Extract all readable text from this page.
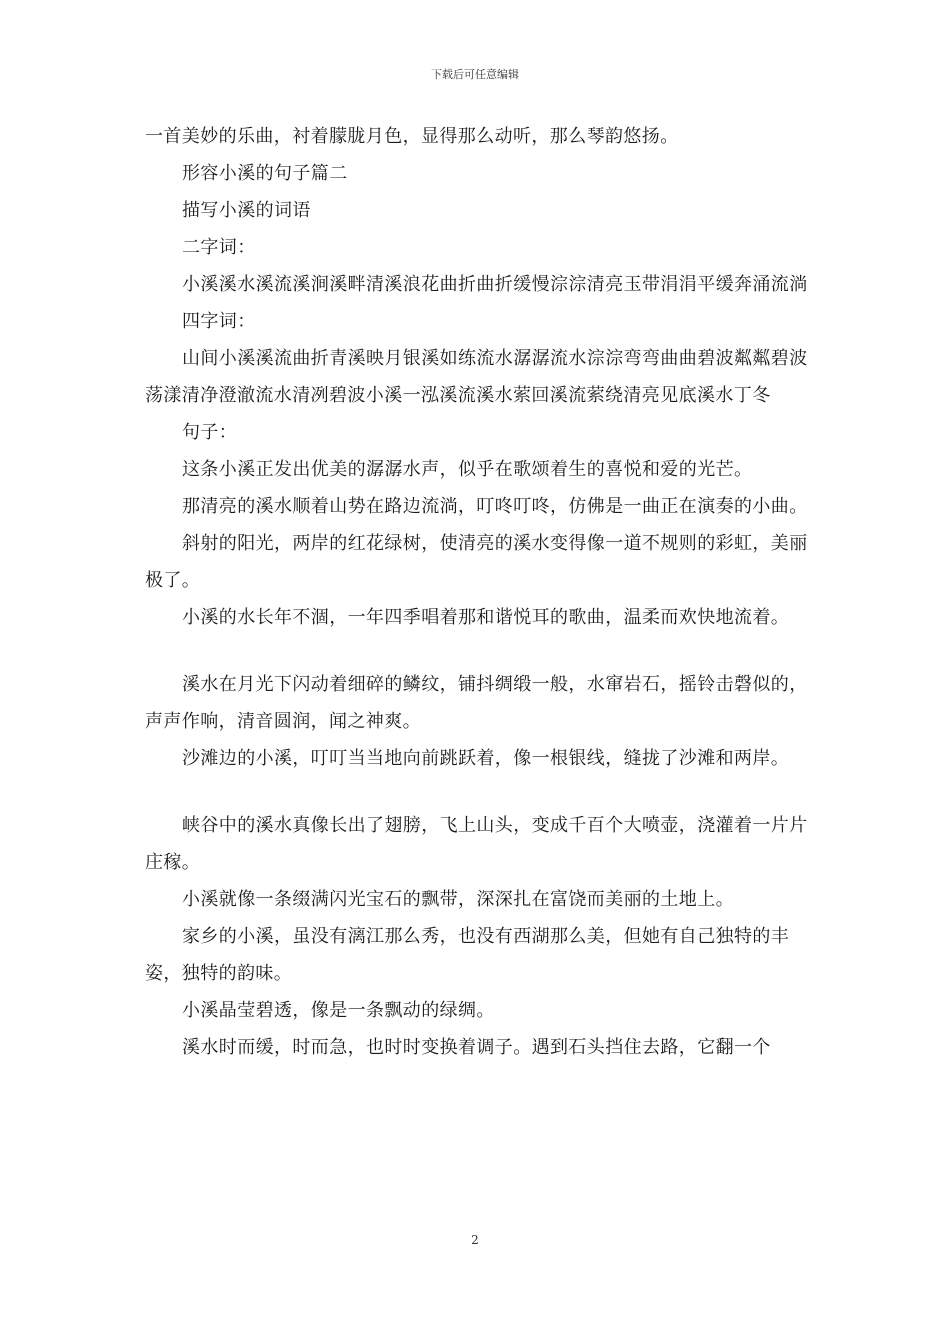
下载后可任意编辑

一首美妙的乐曲，衬着朦胧月色，显得那么动听，那么琴韵悠扬。

形容小溪的句子篇二

描写小溪的词语

二字词：

小溪溪水溪流溪涧溪畔清溪浪花曲折曲折缓慢淙淙清亮玉带涓涓平缓奔涌流淌

四字词：

山间小溪溪流曲折青溪映月银溪如练流水潺潺流水淙淙弯弯曲曲碧波粼粼碧波荡漾清净澄澈流水清冽碧波小溪一泓溪流溪水萦回溪流萦绕清亮见底溪水丁冬

句子：

这条小溪正发出优美的潺潺水声，似乎在歌颂着生的喜悦和爱的光芒。

那清亮的溪水顺着山势在路边流淌，叮咚叮咚，仿佛是一曲正在演奏的小曲。

斜射的阳光，两岸的红花绿树，使清亮的溪水变得像一道不规则的彩虹，美丽极了。

小溪的水长年不涸，一年四季唱着那和谐悦耳的歌曲，温柔而欢快地流着。

溪水在月光下闪动着细碎的鳞纹，铺抖绸缎一般，水窜岩石，摇铃击磬似的，声声作响，清音圆润，闻之神爽。

沙滩边的小溪，叮叮当当地向前跳跃着，像一根银线，缝拢了沙滩和两岸。

峡谷中的溪水真像长出了翅膀，飞上山头，变成千百个大喷壶，浇灌着一片片庄稼。

小溪就像一条缀满闪光宝石的飘带，深深扎在富饶而美丽的土地上。

家乡的小溪，虽没有漓江那么秀，也没有西湖那么美，但她有自己独特的丰姿，独特的韵味。

小溪晶莹碧透，像是一条飘动的绿绸。

溪水时而缓，时而急，也时时变换着调子。遇到石头挡住去路，它翻一个

2
